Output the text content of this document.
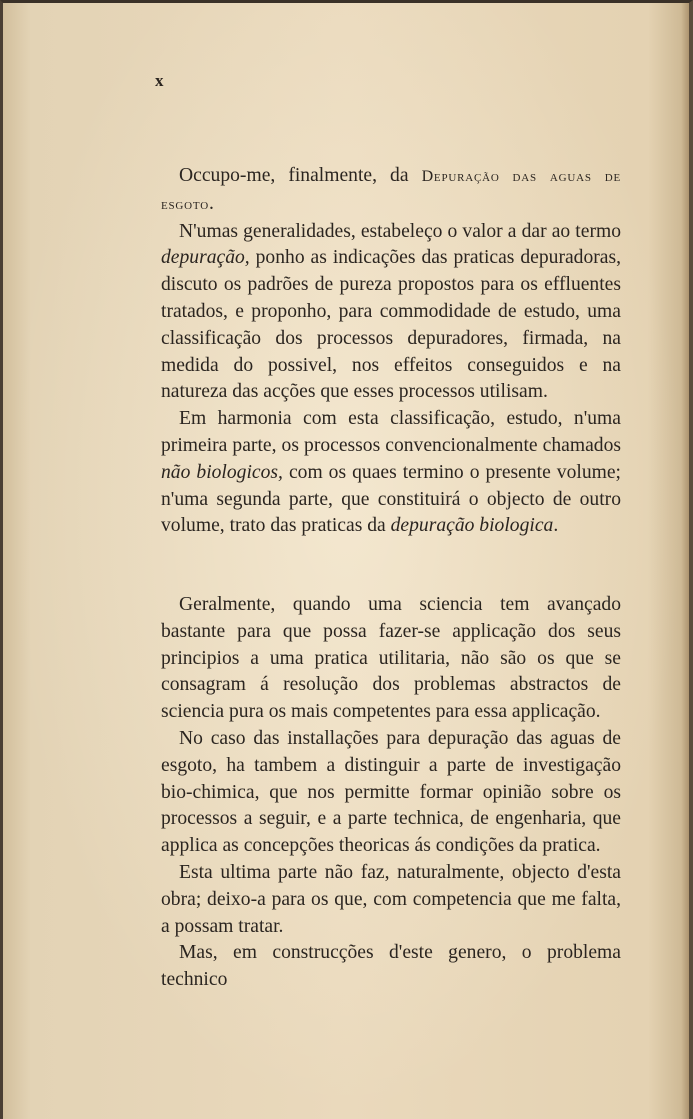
x

Occupo-me, finalmente, da Depuração das aguas de esgoto.

N'umas generalidades, estabeleço o valor a dar ao termo depuração, ponho as indicações das praticas depuradoras, discuto os padrões de pureza propostos para os effluentes tratados, e proponho, para commodidade de estudo, uma classificação dos processos depuradores, firmada, na medida do possivel, nos effeitos conseguidos e na natureza das acções que esses processos utilisam.

Em harmonia com esta classificação, estudo, n'uma primeira parte, os processos convencionalmente chamados não biologicos, com os quaes termino o presente volume; n'uma segunda parte, que constituirá o objecto de outro volume, trato das praticas da depuração biologica.

Geralmente, quando uma sciencia tem avançado bastante para que possa fazer-se applicação dos seus principios a uma pratica utilitaria, não são os que se consagram á resolução dos problemas abstractos de sciencia pura os mais competentes para essa applicação.

No caso das installações para depuração das aguas de esgoto, ha tambem a distinguir a parte de investigação bio-chimica, que nos permitte formar opinião sobre os processos a seguir, e a parte technica, de engenharia, que applica as concepções theoricas ás condições da pratica.

Esta ultima parte não faz, naturalmente, objecto d'esta obra; deixo-a para os que, com competencia que me falta, a possam tratar.

Mas, em construcções d'este genero, o problema technico
